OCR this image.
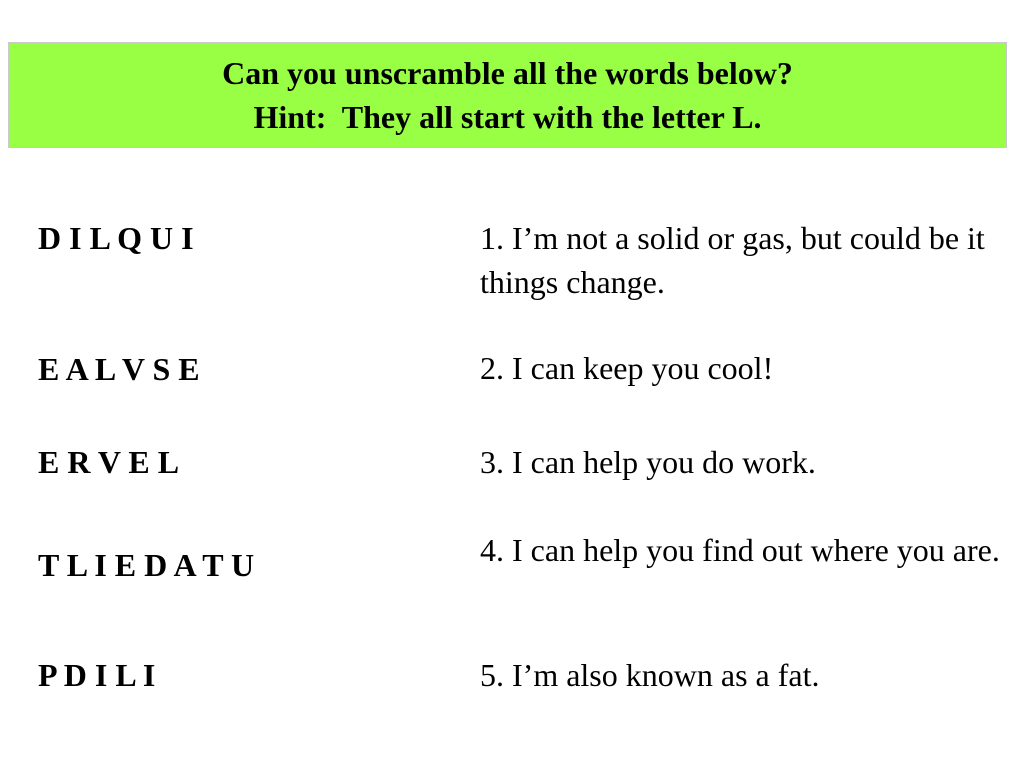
Can you unscramble all the words below?
Hint:  They all start with the letter L.
D I L Q U I	1. I’m not a solid or gas, but could be it things change.
E A L V S E	2. I can keep you cool!
E R V E L	3. I can help you do work.
T L I E D A T U	4. I can help you find out where you are.
P D I L I	5. I’m also known as a fat.
